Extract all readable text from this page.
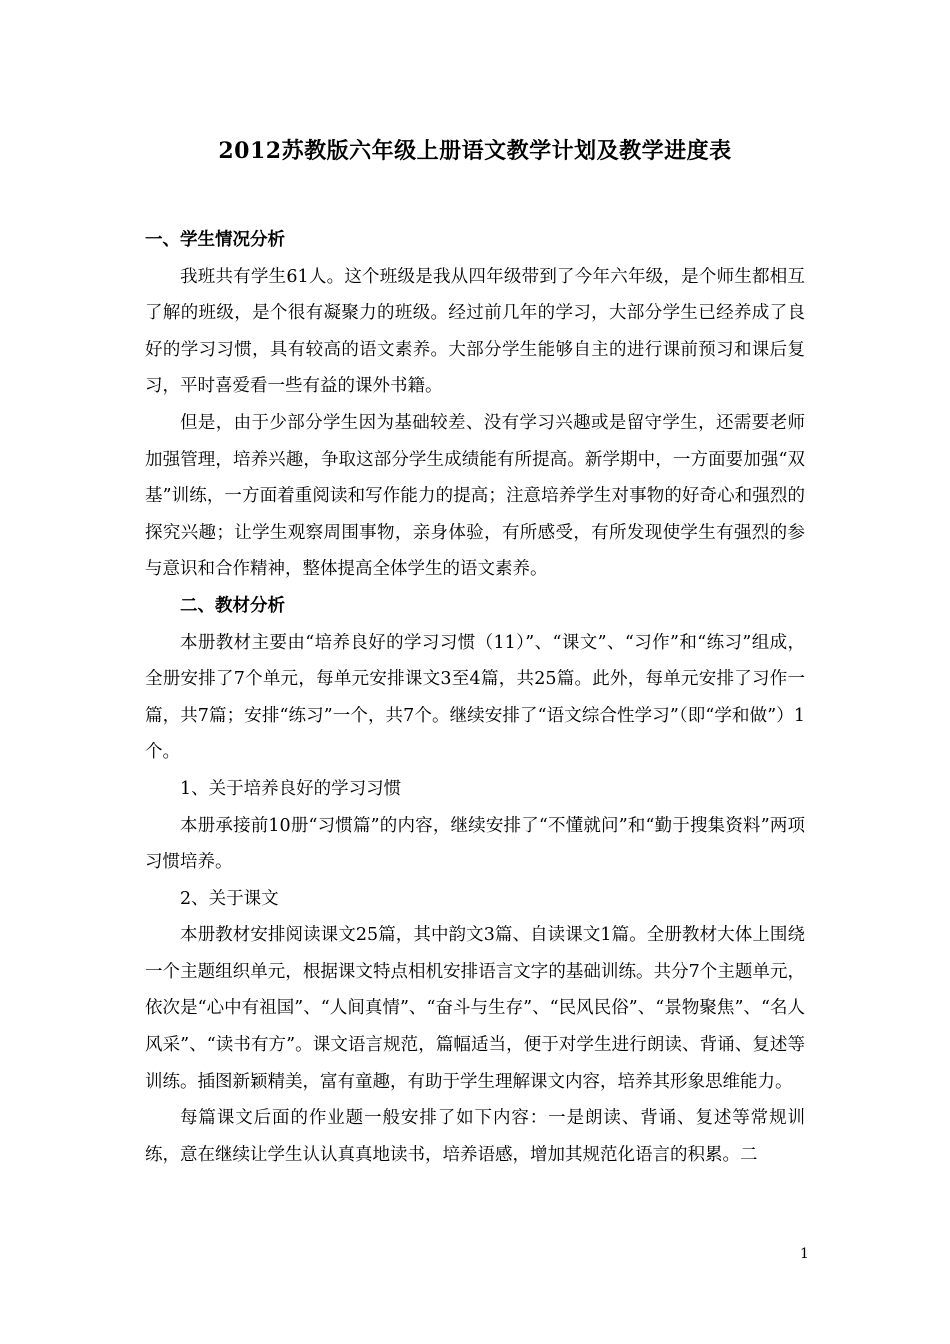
2012苏教版六年级上册语文教学计划及教学进度表

一、学生情况分析

我班共有学生61人。这个班级是我从四年级带到了今年六年级，是个师生都相互了解的班级，是个很有凝聚力的班级。经过前几年的学习，大部分学生已经养成了良好的学习习惯，具有较高的语文素养。大部分学生能够自主的进行课前预习和课后复习，平时喜爱看一些有益的课外书籍。

但是，由于少部分学生因为基础较差、没有学习兴趣或是留守学生，还需要老师加强管理，培养兴趣，争取这部分学生成绩能有所提高。新学期中，一方面要加强“双基”训练，一方面着重阅读和写作能力的提高；注意培养学生对事物的好奇心和强烈的探究兴趣；让学生观察周围事物，亲身体验，有所感受，有所发现使学生有强烈的参与意识和合作精神，整体提高全体学生的语文素养。

二、教材分析

本册教材主要由“培养良好的学习习惯（11）”、“课文”、“习作”和“练习”组成，全册安排了7个单元，每单元安排课文3至4篇，共25篇。此外，每单元安排了习作一篇，共7篇；安排“练习”一个，共7个。继续安排了“语文综合性学习”（即“学和做”）1个。

1、关于培养良好的学习习惯

本册承接前10册“习惯篇”的内容，继续安排了“不懂就问”和“勤于搜集资料”两项习惯培养。

2、关于课文

本册教材安排阅读课文25篇，其中韵文3篇、自读课文1篇。全册教材大体上围绕一个主题组织单元，根据课文特点相机安排语言文字的基础训练。共分7个主题单元，依次是“心中有祖国”、“人间真情”、“奋斗与生存”、“民风民俗”、“景物聚焦”、“名人风采”、“读书有方”。课文语言规范，篇幅适当，便于对学生进行朗读、背诵、复述等训练。插图新颖精美，富有童趣，有助于学生理解课文内容，培养其形象思维能力。

每篇课文后面的作业题一般安排了如下内容：一是朗读、背诵、复述等常规训练，意在继续让学生认认真真地读书，培养语感，增加其规范化语言的积累。二

1
